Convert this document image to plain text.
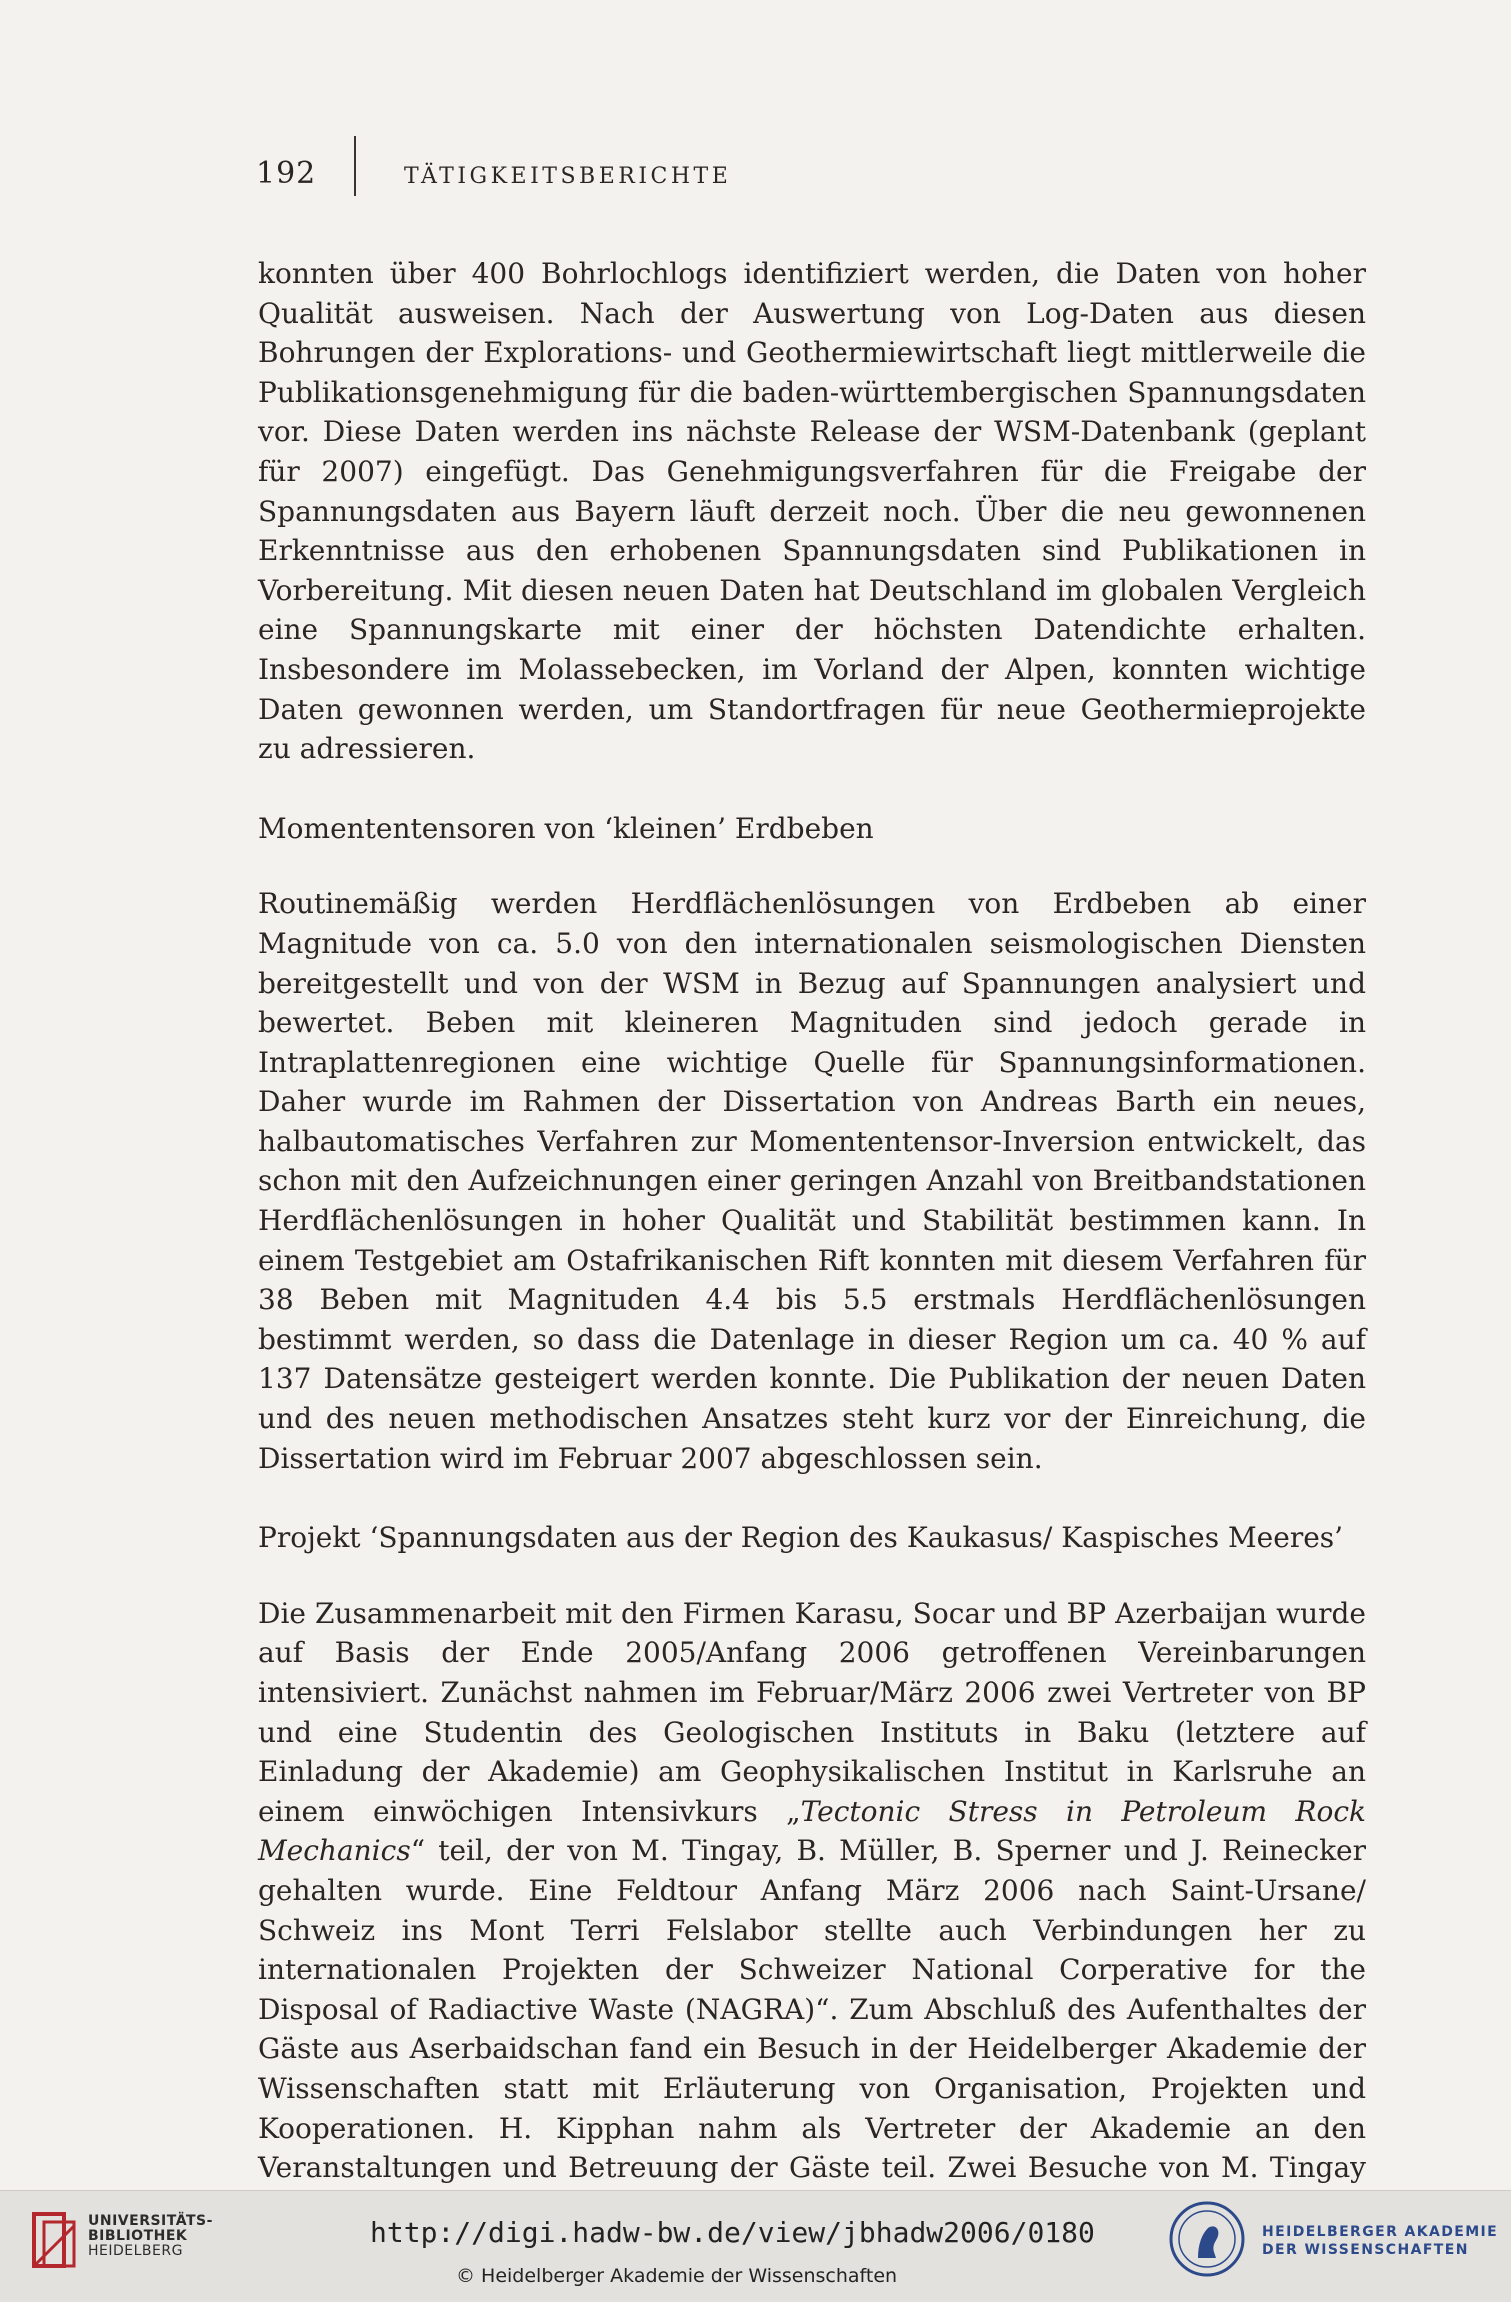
192	TÄTIGKEITSBERICHTE

konnten über 400 Bohrlochlogs identifiziert werden, die Daten von hoher Qualität ausweisen. Nach der Auswertung von Log-Daten aus diesen Bohrungen der Explorations- und Geothermiewirtschaft liegt mittlerweile die Publikationsgenehmigung für die baden-württembergischen Spannungsdaten vor. Diese Daten werden ins nächste Release der WSM-Datenbank (geplant für 2007) eingefügt. Das Genehmigungsverfahren für die Freigabe der Spannungsdaten aus Bayern läuft derzeit noch. Über die neu gewonnenen Erkenntnisse aus den erhobenen Spannungsdaten sind Publikationen in Vorbereitung. Mit diesen neuen Daten hat Deutschland im globalen Vergleich eine Spannungskarte mit einer der höchsten Datendichte erhalten. Insbesondere im Molassebecken, im Vorland der Alpen, konnten wichtige Daten gewonnen werden, um Standortfragen für neue Geothermieprojekte zu adressieren.

Momententensoren von ‘kleinen’ Erdbeben

Routinemäßig werden Herdflächenlösungen von Erdbeben ab einer Magnitude von ca. 5.0 von den internationalen seismologischen Diensten bereitgestellt und von der WSM in Bezug auf Spannungen analysiert und bewertet. Beben mit kleineren Magnituden sind jedoch gerade in Intraplattenregionen eine wichtige Quelle für Spannungsinformationen. Daher wurde im Rahmen der Dissertation von Andreas Barth ein neues, halbautomatisches Verfahren zur Momententensor-Inversion entwickelt, das schon mit den Aufzeichnungen einer geringen Anzahl von Breitbandstationen Herdflächenlösungen in hoher Qualität und Stabilität bestimmen kann. In einem Testgebiet am Ostafrikanischen Rift konnten mit diesem Verfahren für 38 Beben mit Magnituden 4.4 bis 5.5 erstmals Herdflächenlösungen bestimmt werden, so dass die Datenlage in dieser Region um ca. 40 % auf 137 Datensätze gesteigert werden konnte. Die Publikation der neuen Daten und des neuen methodischen Ansatzes steht kurz vor der Einreichung, die Dissertation wird im Februar 2007 abgeschlossen sein.

Projekt ‘Spannungsdaten aus der Region des Kaukasus/ Kaspisches Meeres’

Die Zusammenarbeit mit den Firmen Karasu, Socar und BP Azerbaijan wurde auf Basis der Ende 2005/Anfang 2006 getroffenen Vereinbarungen intensiviert. Zunächst nahmen im Februar/März 2006 zwei Vertreter von BP und eine Studentin des Geologischen Instituts in Baku (letztere auf Einladung der Akademie) am Geophysikalischen Institut in Karlsruhe an einem einwöchigen Intensivkurs „Tectonic Stress in Petroleum Rock Mechanics“ teil, der von M. Tingay, B. Müller, B. Sperner und J. Reinecker gehalten wurde. Eine Feldtour Anfang März 2006 nach Saint-Ursane/ Schweiz ins Mont Terri Felslabor stellte auch Verbindungen her zu internationalen Projekten der Schweizer National Corperative for the Disposal of Radiactive Waste (NAGRA)“. Zum Abschluß des Aufenthaltes der Gäste aus Aserbaidschan fand ein Besuch in der Heidelberger Akademie der Wissenschaften statt mit Erläuterung von Organisation, Projekten und Kooperationen. H. Kipphan nahm als Vertreter der Akademie an den Veranstaltungen und Betreuung der Gäste teil. Zwei Besuche von M. Tingay

UNIVERSITÄTS-
BIBLIOTHEK
HEIDELBERG
http://digi.hadw-bw.de/view/jbhadw2006/0180
© Heidelberger Akademie der Wissenschaften
HEIDELBERGER AKADEMIE
DER WISSENSCHAFTEN
